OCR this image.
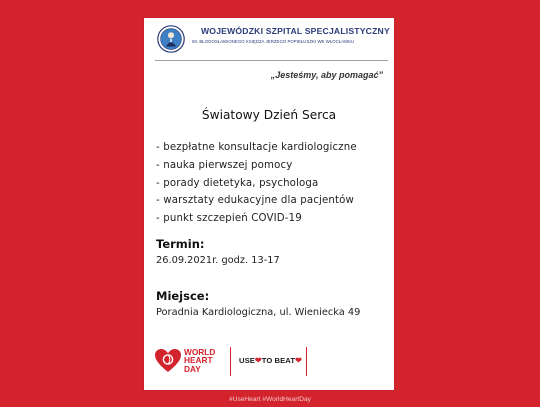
WOJEWÓDZKI SZPITAL SPECJALISTYCZNY
IM. BŁOGOSŁAWIONEGO KSIĘDZA JERZEGO POPIEŁUSZKI WE WŁOCŁAWKU
„Jesteśmy, aby pomagać”
Światowy Dzień Serca
- bezpłatne konsultacje kardiologiczne
- nauka pierwszej pomocy
- porady dietetyka, psychologa
- warsztaty edukacyjne dla pacjentów
- punkt szczepień COVID-19
Termin:
26.09.2021r. godz. 13-17
Miejsce:
Poradnia Kardiologiczna, ul. Wieniecka 49
WORLD
HEART
DAY
USE❤TO BEAT❤
#UseHeart #WorldHeartDay
